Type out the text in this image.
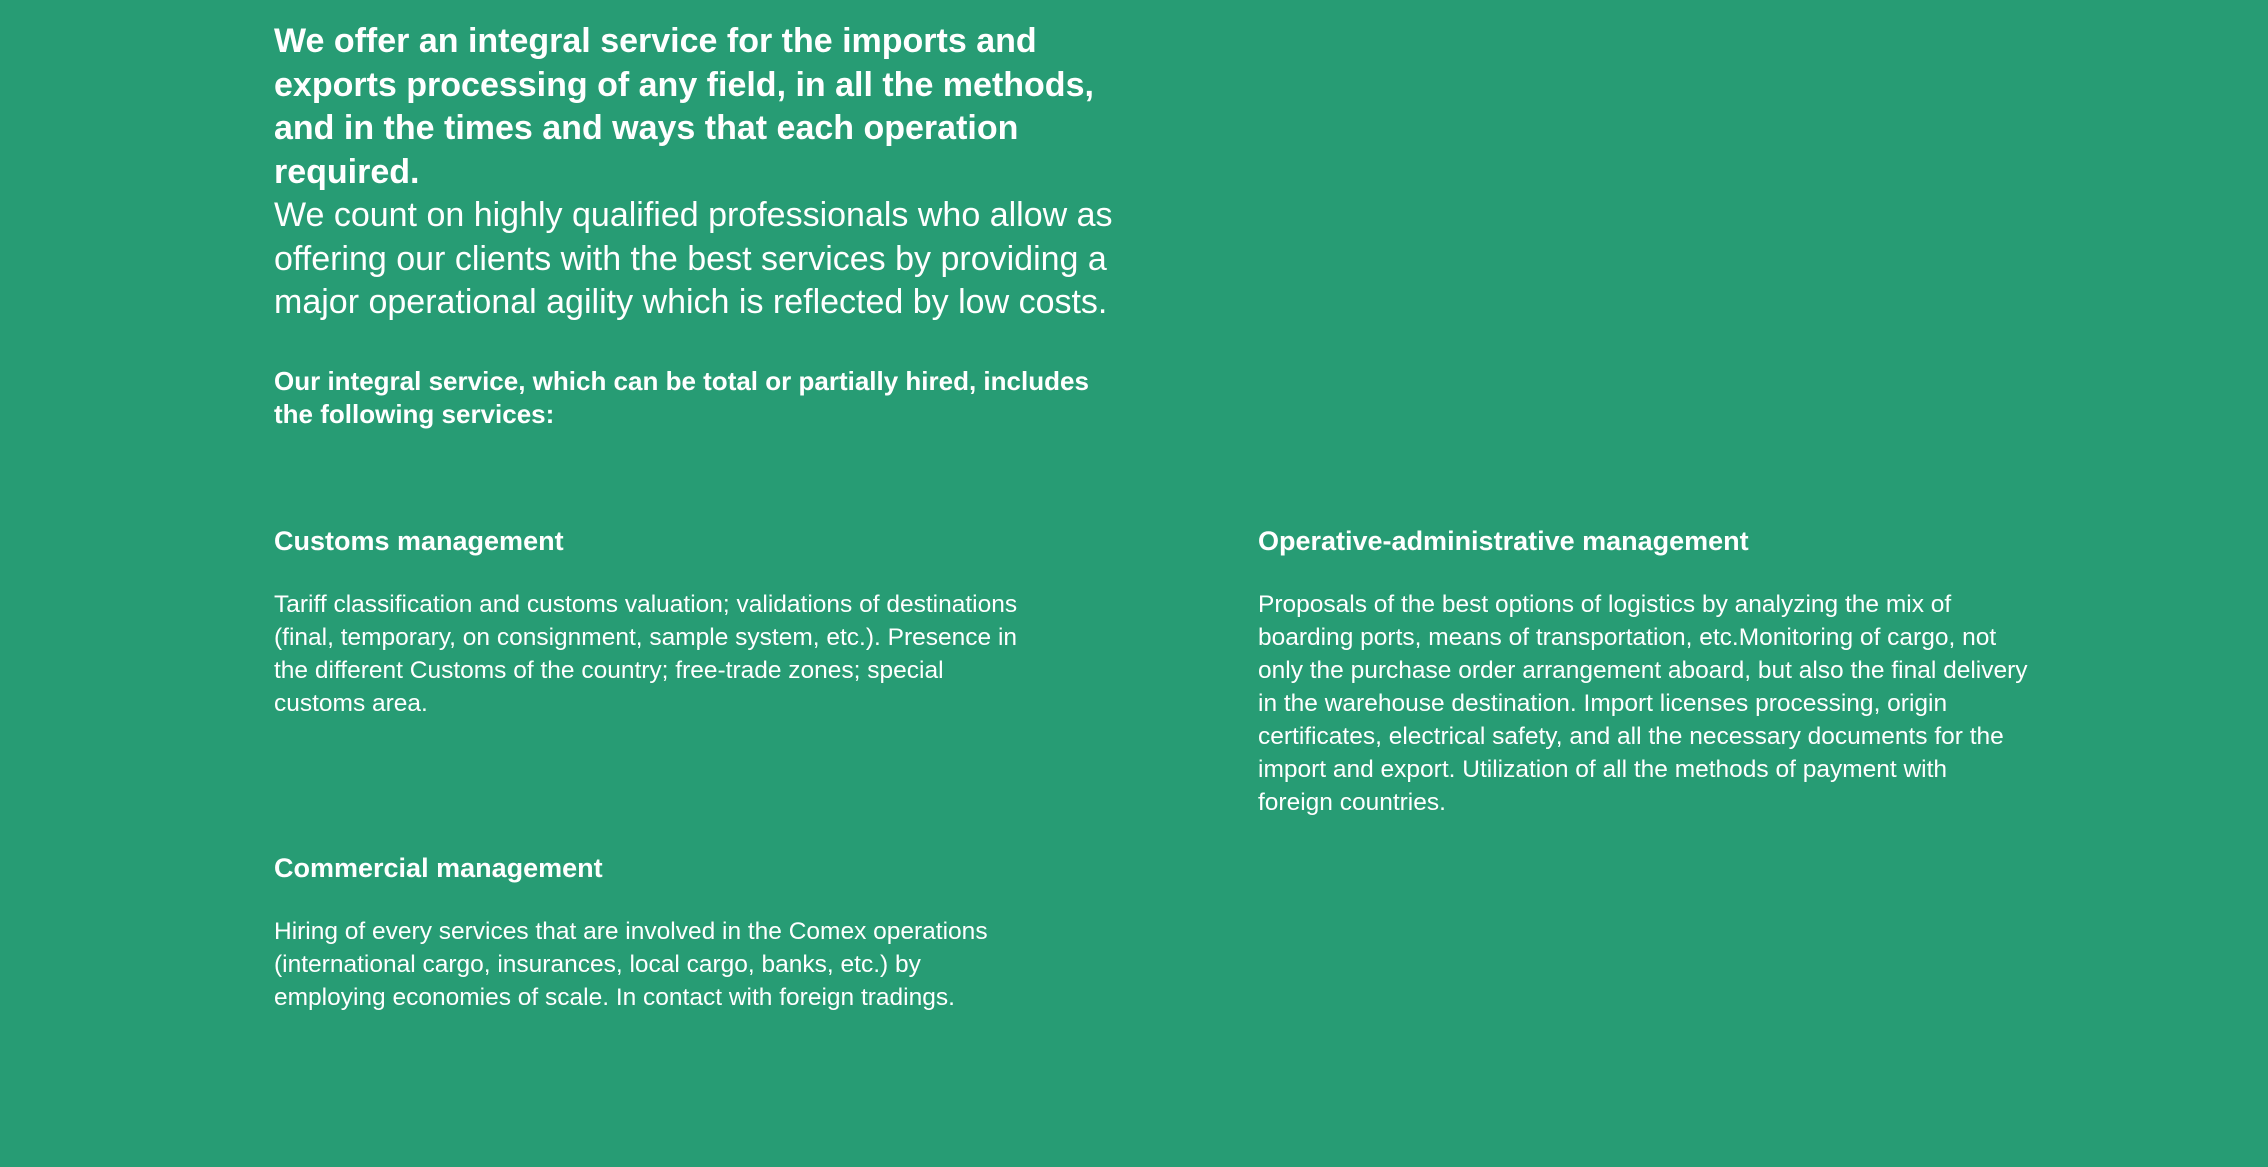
We offer an integral service for the imports and exports processing of any field, in all the methods, and in the times and ways that each operation required.

We count on highly qualified professionals who allow as offering our clients with the best services by providing a major operational agility which is reflected by low costs.

Our integral service, which can be total or partially hired, includes the following services:

Customs management

Tariff classification and customs valuation; validations of destinations (final, temporary, on consignment, sample system, etc.). Presence in the different Customs of the country; free-trade zones; special customs area.

Operative-administrative management

Proposals of the best options of logistics by analyzing the mix of boarding ports, means of transportation, etc.Monitoring of cargo, not only the purchase order arrangement aboard, but also the final delivery in the warehouse destination. Import licenses processing, origin certificates, electrical safety, and all the necessary documents for the import and export. Utilization of all the methods of payment with foreign countries.

Commercial management

Hiring of every services that are involved in the Comex operations (international cargo, insurances, local cargo, banks, etc.) by employing economies of scale. In contact with foreign tradings.
